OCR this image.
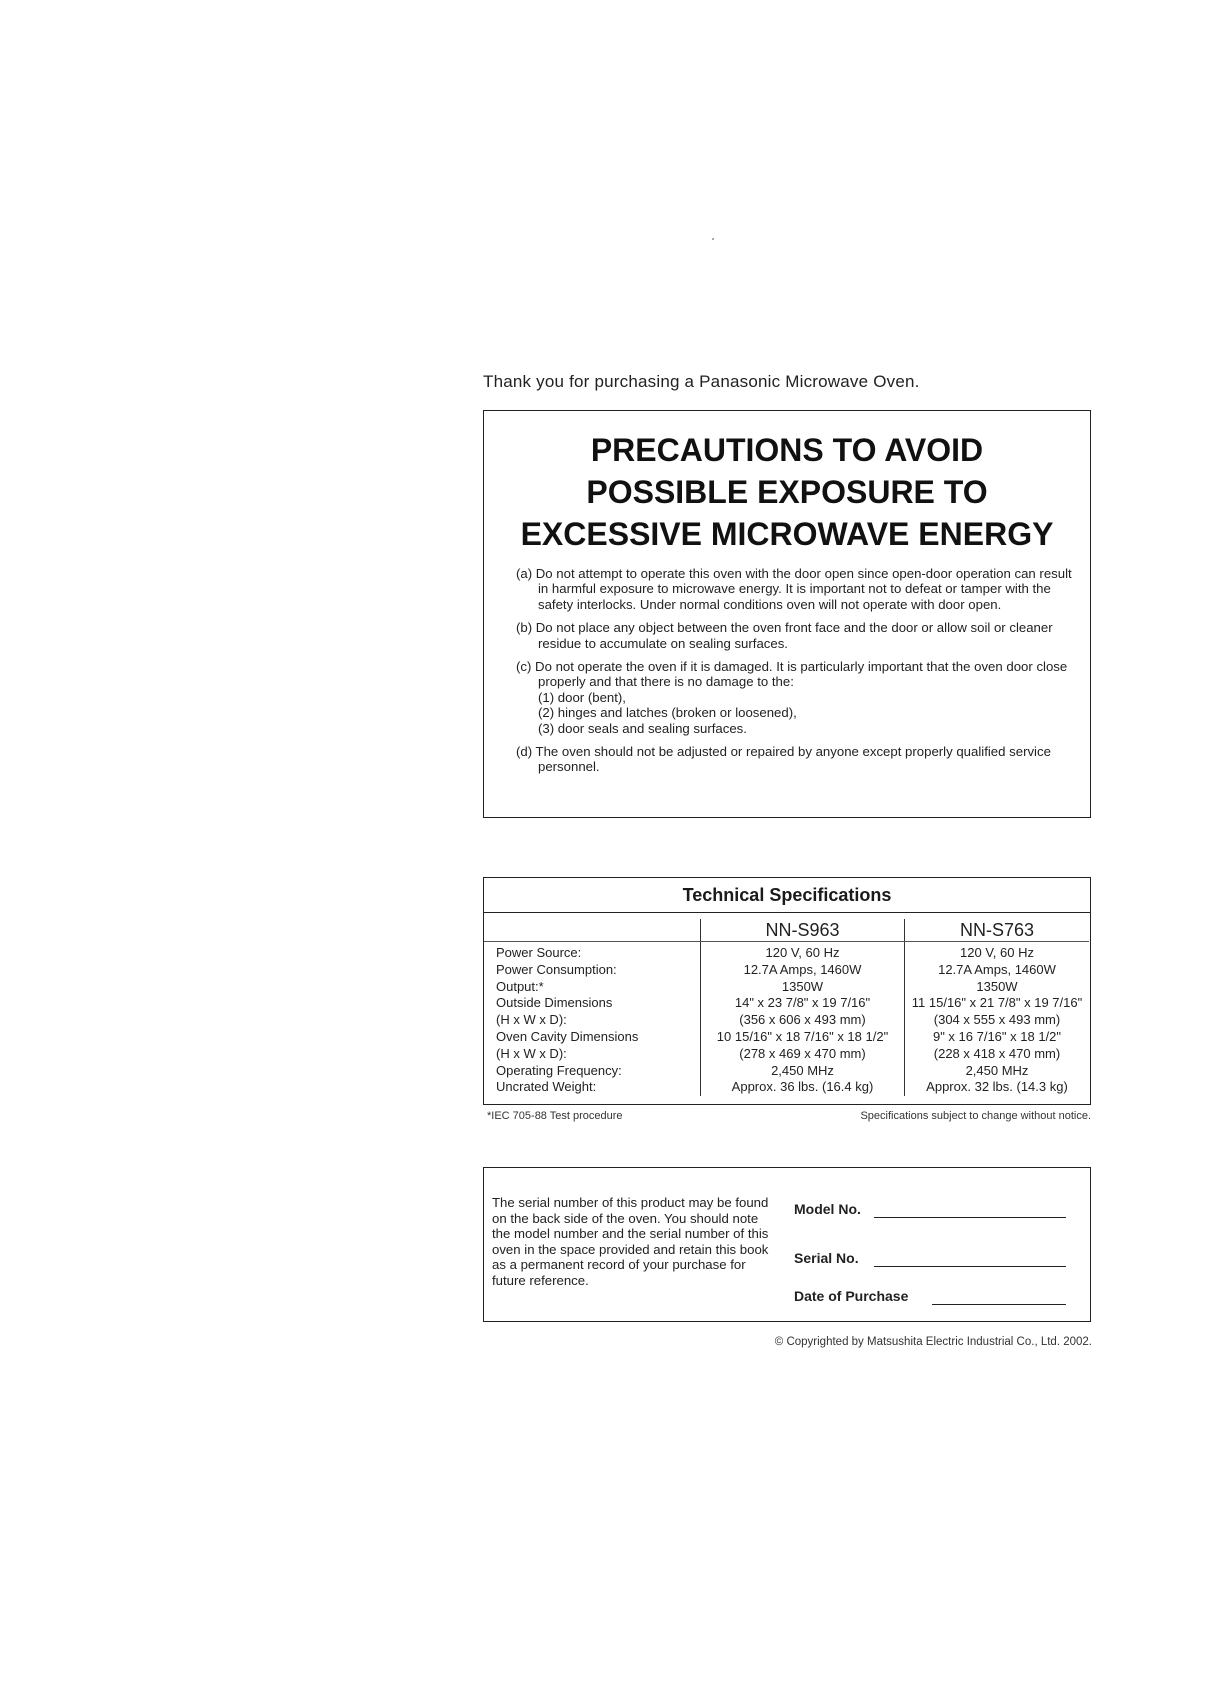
Thank you for purchasing a Panasonic Microwave Oven.
PRECAUTIONS TO AVOID
POSSIBLE EXPOSURE TO
EXCESSIVE MICROWAVE ENERGY
(a) Do not attempt to operate this oven with the door open since open-door operation can result in harmful exposure to microwave energy. It is important not to defeat or tamper with the safety interlocks. Under normal conditions oven will not operate with door open.
(b) Do not place any object between the oven front face and the door or allow soil or cleaner residue to accumulate on sealing surfaces.
(c) Do not operate the oven if it is damaged. It is particularly important that the oven door close properly and that there is no damage to the:
(1) door (bent),
(2) hinges and latches (broken or loosened),
(3) door seals and sealing surfaces.
(d) The oven should not be adjusted or repaired by anyone except properly qualified service personnel.
Technical Specifications
	NN-S963	NN-S763
Power Source:	120 V, 60 Hz	120 V, 60 Hz
Power Consumption:	12.7A Amps, 1460W	12.7A Amps, 1460W
Output:*	1350W	1350W
Outside Dimensions	14" x 23 7/8" x 19 7/16"	11 15/16" x 21 7/8" x 19 7/16"
(H x W x D):	(356 x 606 x 493 mm)	(304 x 555 x 493 mm)
Oven Cavity Dimensions	10 15/16" x 18 7/16" x 18 1/2"	9" x 16 7/16" x 18 1/2"
(H x W x D):	(278 x 469 x 470 mm)	(228 x 418 x 470 mm)
Operating Frequency:	2,450 MHz	2,450 MHz
Uncrated Weight:	Approx. 36 lbs. (16.4 kg)	Approx. 32 lbs. (14.3 kg)
*IEC 705-88 Test procedure	Specifications subject to change without notice.
The serial number of this product may be found on the back side of the oven. You should note the model number and the serial number of this oven in the space provided and retain this book as a permanent record of your purchase for future reference.
Model No.
Serial No.
Date of Purchase
© Copyrighted by Matsushita Electric Industrial Co., Ltd. 2002.
